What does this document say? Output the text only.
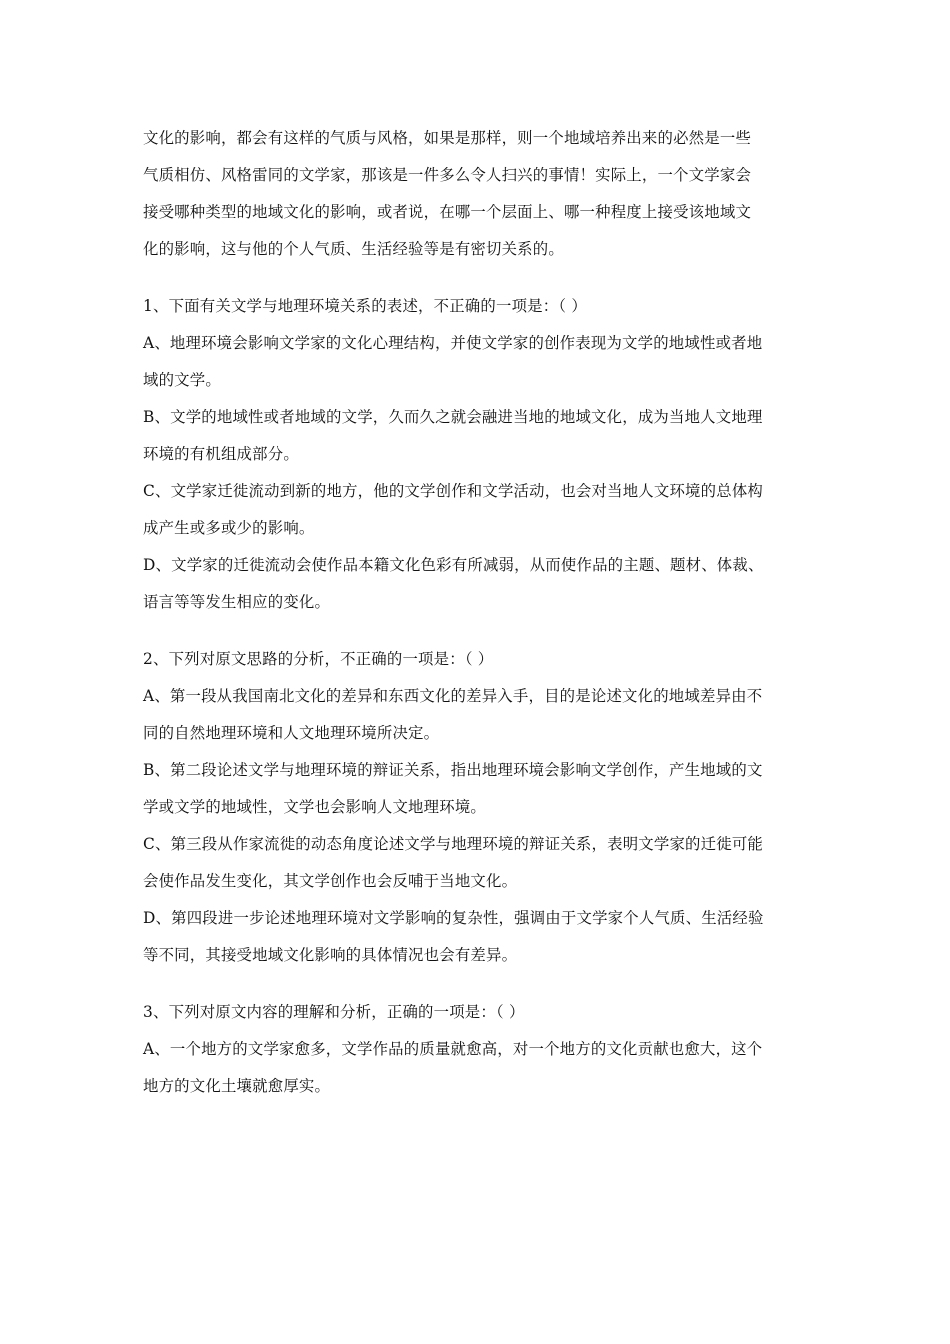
文化的影响，都会有这样的气质与风格，如果是那样，则一个地域培养出来的必然是一些
气质相仿、风格雷同的文学家，那该是一件多么令人扫兴的事情！实际上，一个文学家会
接受哪种类型的地域文化的影响，或者说，在哪一个层面上、哪一种程度上接受该地域文
化的影响，这与他的个人气质、生活经验等是有密切关系的。
1、下面有关文学与地理环境关系的表述，不正确的一项是：（ ）
A、地理环境会影响文学家的文化心理结构，并使文学家的创作表现为文学的地域性或者地
域的文学。
B、文学的地域性或者地域的文学，久而久之就会融进当地的地域文化，成为当地人文地理
环境的有机组成部分。
C、文学家迁徙流动到新的地方，他的文学创作和文学活动，也会对当地人文环境的总体构
成产生或多或少的影响。
D、文学家的迁徙流动会使作品本籍文化色彩有所减弱，从而使作品的主题、题材、体裁、
语言等等发生相应的变化。
2、下列对原文思路的分析，不正确的一项是：（ ）
A、第一段从我国南北文化的差异和东西文化的差异入手，目的是论述文化的地域差异由不
同的自然地理环境和人文地理环境所决定。
B、第二段论述文学与地理环境的辩证关系，指出地理环境会影响文学创作，产生地域的文
学或文学的地域性，文学也会影响人文地理环境。
C、第三段从作家流徙的动态角度论述文学与地理环境的辩证关系，表明文学家的迁徙可能
会使作品发生变化，其文学创作也会反哺于当地文化。
D、第四段进一步论述地理环境对文学影响的复杂性，强调由于文学家个人气质、生活经验
等不同，其接受地域文化影响的具体情况也会有差异。
3、下列对原文内容的理解和分析，正确的一项是：（ ）
A、一个地方的文学家愈多，文学作品的质量就愈高，对一个地方的文化贡献也愈大，这个
地方的文化土壤就愈厚实。
